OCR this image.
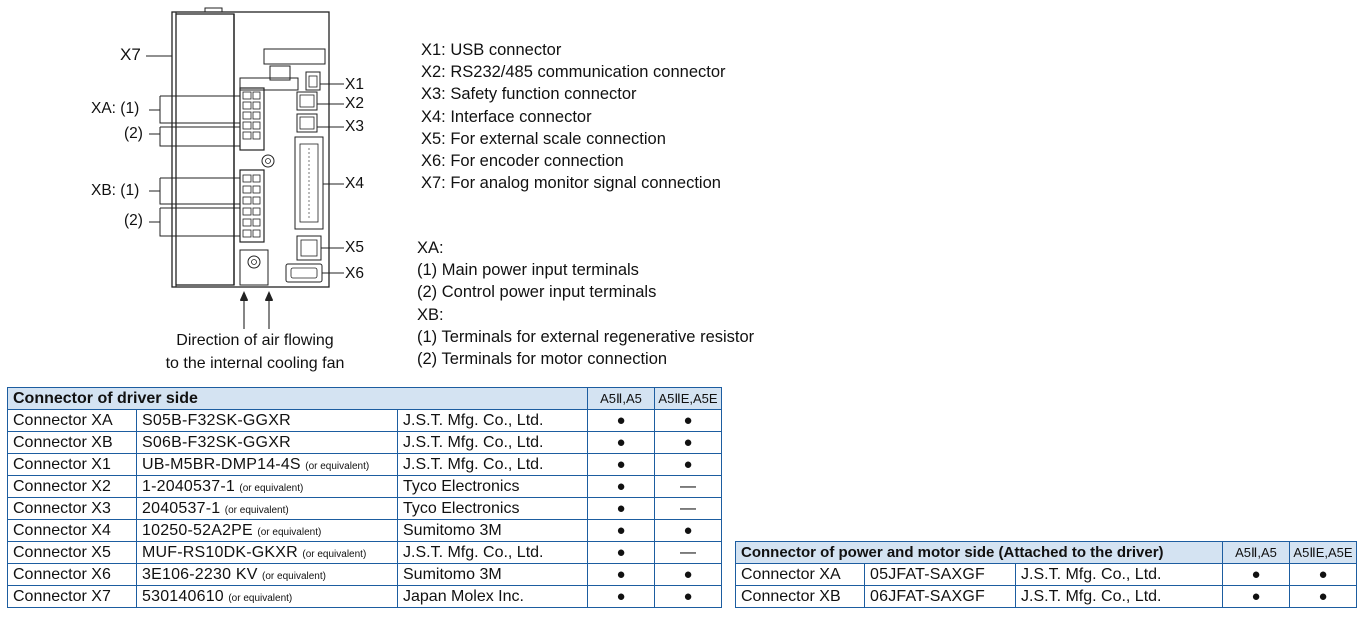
X7
XA: (1)
(2)
XB: (1)
(2)
X1
X2
X3
X4
X5
X6
Direction of air flowing
to the internal cooling fan
X1: USB connector
X2: RS232/485 communication connector
X3: Safety function connector
X4: Interface connector
X5: For external scale connection
X6: For encoder connection
X7: For analog monitor signal connection
XA:
(1) Main power input terminals
(2) Control power input terminals
XB:
(1) Terminals for external regenerative resistor
(2) Terminals for motor connection
Connector of driver side			A5Ⅱ,A5	A5ⅡE,A5E
Connector XA	S05B-F32SK-GGXR	J.S.T. Mfg. Co., Ltd.	●	●
Connector XB	S06B-F32SK-GGXR	J.S.T. Mfg. Co., Ltd.	●	●
Connector X1	UB-M5BR-DMP14-4S (or equivalent)	J.S.T. Mfg. Co., Ltd.	●	●
Connector X2	1-2040537-1 (or equivalent)	Tyco Electronics	●	—
Connector X3	2040537-1 (or equivalent)	Tyco Electronics	●	—
Connector X4	10250-52A2PE (or equivalent)	Sumitomo 3M	●	●
Connector X5	MUF-RS10DK-GKXR (or equivalent)	J.S.T. Mfg. Co., Ltd.	●	—
Connector X6	3E106-2230 KV (or equivalent)	Sumitomo 3M	●	●
Connector X7	530140610 (or equivalent)	Japan Molex Inc.	●	●
Connector of power and motor side (Attached to the driver)			A5Ⅱ,A5	A5ⅡE,A5E
Connector XA	05JFAT-SAXGF	J.S.T. Mfg. Co., Ltd.	●	●
Connector XB	06JFAT-SAXGF	J.S.T. Mfg. Co., Ltd.	●	●
